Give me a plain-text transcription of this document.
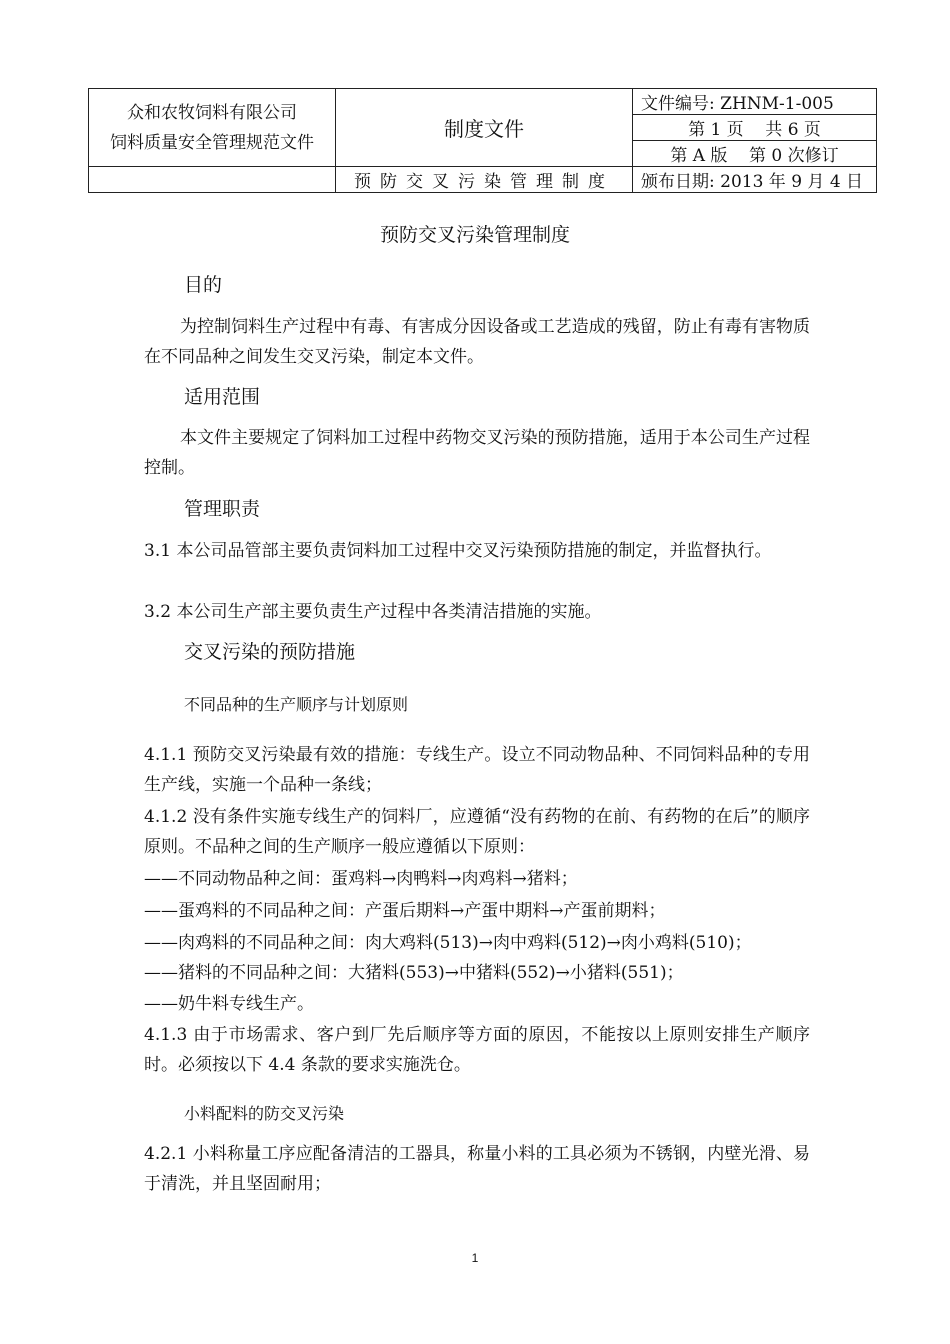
众和农牧饲料有限公司
饲料质量安全管理规范文件	制度文件	文件编号: ZHNM-1-005
		第 1 页    共 6 页
		第 A 版    第 0 次修订
	预防交叉污染管理制度	颁布日期: 2013 年 9 月 4 日
预防交叉污染管理制度
目的
为控制饲料生产过程中有毒、有害成分因设备或工艺造成的残留，防止有毒有害物质在不同品种之间发生交叉污染，制定本文件。
适用范围
本文件主要规定了饲料加工过程中药物交叉污染的预防措施，适用于本公司生产过程控制。
管理职责
3.1 本公司品管部主要负责饲料加工过程中交叉污染预防措施的制定，并监督执行。
3.2 本公司生产部主要负责生产过程中各类清洁措施的实施。
交叉污染的预防措施
不同品种的生产顺序与计划原则
4.1.1 预防交叉污染最有效的措施：专线生产。设立不同动物品种、不同饲料品种的专用生产线，实施一个品种一条线；
4.1.2 没有条件实施专线生产的饲料厂，应遵循“没有药物的在前、有药物的在后”的顺序原则。不品种之间的生产顺序一般应遵循以下原则：
——不同动物品种之间：蛋鸡料→肉鸭料→肉鸡料→猪料；
——蛋鸡料的不同品种之间：产蛋后期料→产蛋中期料→产蛋前期料；
——肉鸡料的不同品种之间：肉大鸡料(513)→肉中鸡料(512)→肉小鸡料(510)；
——猪料的不同品种之间：大猪料(553)→中猪料(552)→小猪料(551)；
——奶牛料专线生产。
4.1.3 由于市场需求、客户到厂先后顺序等方面的原因，不能按以上原则安排生产顺序时。必须按以下 4.4 条款的要求实施洗仓。
小料配料的防交叉污染
4.2.1 小料称量工序应配备清洁的工器具，称量小料的工具必须为不锈钢，内壁光滑、易于清洗，并且坚固耐用；
1
